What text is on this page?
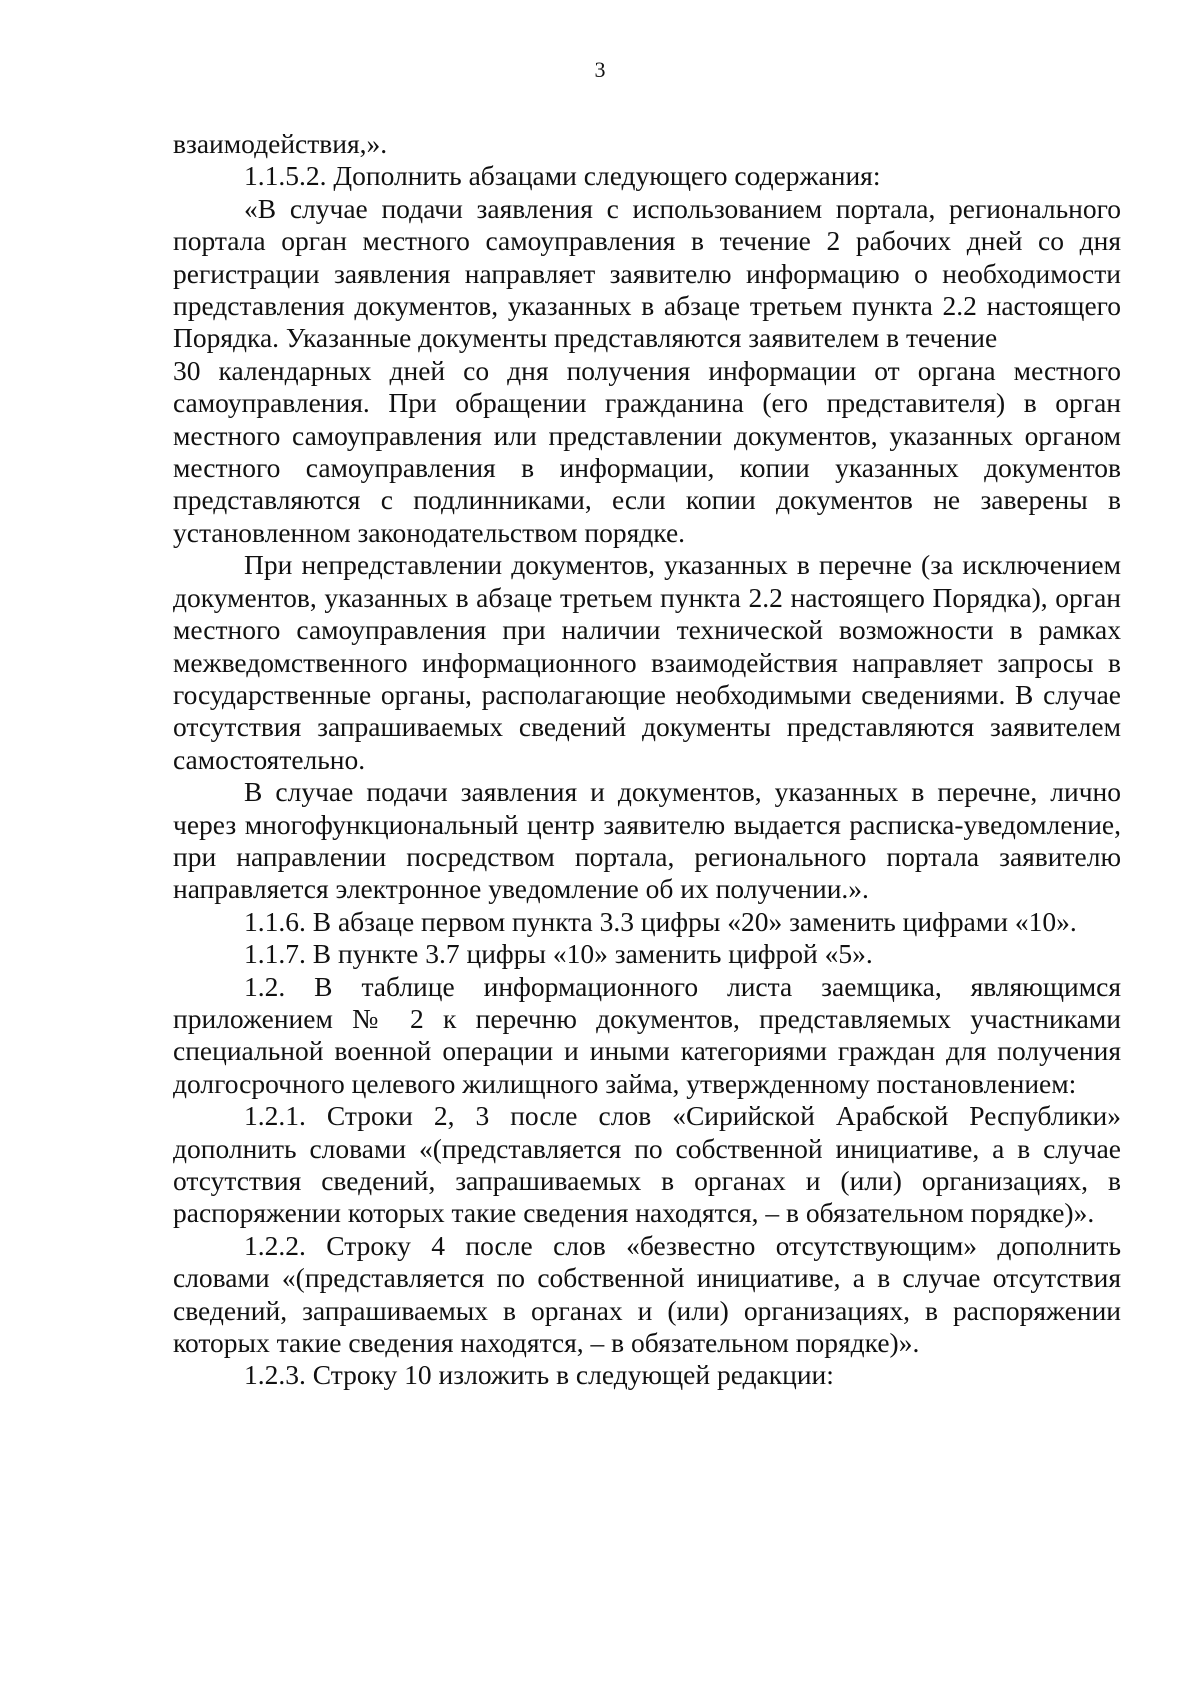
3

взаимодействия,».

1.1.5.2. Дополнить абзацами следующего содержания:

«В случае подачи заявления с использованием портала, регионального портала орган местного самоуправления в течение 2 рабочих дней со дня регистрации заявления направляет заявителю информацию о необходимости представления документов, указанных в абзаце третьем пункта 2.2 настоящего Порядка. Указанные документы представляются заявителем в течение

30 календарных дней со дня получения информации от органа местного самоуправления. При обращении гражданина (его представителя) в орган местного самоуправления или представлении документов, указанных органом местного самоуправления в информации, копии указанных документов представляются с подлинниками, если копии документов не заверены в установленном законодательством порядке.

При непредставлении документов, указанных в перечне (за исключением документов, указанных в абзаце третьем пункта 2.2 настоящего Порядка), орган местного самоуправления при наличии технической возможности в рамках межведомственного информационного взаимодействия направляет запросы в государственные органы, располагающие необходимыми сведениями. В случае отсутствия запрашиваемых сведений документы представляются заявителем самостоятельно.

В случае подачи заявления и документов, указанных в перечне, лично через многофункциональный центр заявителю выдается расписка-уведомление, при направлении посредством портала, регионального портала заявителю направляется электронное уведомление об их получении.».

1.1.6. В абзаце первом пункта 3.3 цифры «20» заменить цифрами «10».

1.1.7. В пункте 3.7 цифры «10» заменить цифрой «5».

1.2. В таблице информационного листа заемщика, являющимся приложением № 2 к перечню документов, представляемых участниками специальной военной операции и иными категориями граждан для получения долгосрочного целевого жилищного займа, утвержденному постановлением:

1.2.1. Строки 2, 3 после слов «Сирийской Арабской Республики» дополнить словами «(представляется по собственной инициативе, а в случае отсутствия сведений, запрашиваемых в органах и (или) организациях, в распоряжении которых такие сведения находятся, – в обязательном порядке)».

1.2.2. Строку 4 после слов «безвестно отсутствующим» дополнить словами «(представляется по собственной инициативе, а в случае отсутствия сведений, запрашиваемых в органах и (или) организациях, в распоряжении которых такие сведения находятся, – в обязательном порядке)».

1.2.3. Строку 10 изложить в следующей редакции:
